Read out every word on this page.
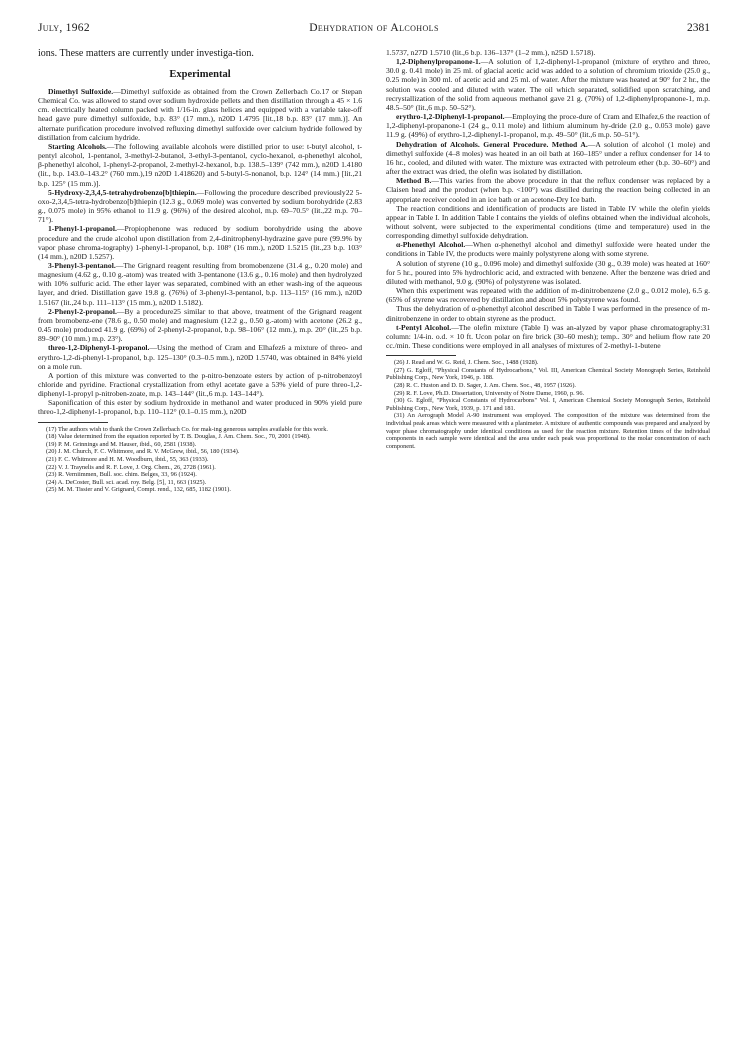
July, 1962	Dehydration of Alcohols	2381

ions. These matters are currently under investiga-tion.

Experimental

Dimethyl Sulfoxide.—Dimethyl sulfoxide as obtained from the Crown Zellerbach Co.17 or Stepan Chemical Co. was allowed to stand over sodium hydroxide pellets and then distillation through a 45 × 1.6 cm. electrically heated column packed with 1/16-in. glass helices and equipped with a variable take-off head gave pure dimethyl sulfoxide, b.p. 83° (17 mm.), n20D 1.4795 [lit.,18 b.p. 83° (17 mm.)]. An alternate purification procedure involved refluxing dimethyl sulfoxide over calcium hydride followed by distillation from calcium hydride.

Starting Alcohols.—The following available alcohols were distilled prior to use: t-butyl alcohol, t-pentyl alcohol, 1-pentanol, 3-methyl-2-butanol, 3-ethyl-3-pentanol, cyclo-hexanol, α-phenethyl alcohol, β-phenethyl alcohol, 1-phenyl-2-propanol, 2-methyl-2-hexanol, b.p. 138.5–139° (742 mm.), n20D 1.4180 (lit., b.p. 143.0–143.2° (760 mm.),19 n20D 1.418620) and 5-butyl-5-nonanol, b.p. 124° (14 mm.) [lit.,21 b.p. 125° (15 mm.)].

5-Hydroxy-2,3,4,5-tetrahydrobenzo[b]thiepin.—Following the procedure described previously22 5-oxo-2,3,4,5-tetra-hydrobenzo[b]thiepin (12.3 g., 0.069 mole) was converted by sodium borohydride (2.83 g., 0.075 mole) in 95% ethanol to 11.9 g. (96%) of the desired alcohol, m.p. 69–70.5° (lit.,22 m.p. 70–71°).

1-Phenyl-1-propanol.—Propiophenone was reduced by sodium borohydride using the above procedure and the crude alcohol upon distillation from 2,4-dinitrophenyl-hydrazine gave pure (99.9% by vapor phase chroma-tography) 1-phenyl-1-propanol, b.p. 108° (16 mm.), n20D 1.5215 (lit.,23 b.p. 103°(14 mm.), n20D 1.5257).

3-Phenyl-3-pentanol.—The Grignard reagent resulting from bromobenzene (31.4 g., 0.20 mole) and magnesium (4.62 g., 0.10 g.-atom) was treated with 3-pentanone (13.6 g., 0.16 mole) and then hydrolyzed with 10% sulfuric acid. The ether layer was separated, combined with an ether wash-ing of the aqueous layer, and dried. Distillation gave 19.8 g. (76%) of 3-phenyl-3-pentanol, b.p. 113–115° (16 mm.), n20D 1.5167 (lit.,24 b.p. 111–113° (15 mm.), n20D 1.5182).

2-Phenyl-2-propanol.—By a procedure25 similar to that above, treatment of the Grignard reagent from bromobenz-ene (78.6 g., 0.50 mole) and magnesium (12.2 g., 0.50 g.-atom) with acetone (26.2 g., 0.45 mole) produced 41.9 g. (69%) of 2-phenyl-2-propanol, b.p. 98–106° (12 mm.), m.p. 20° (lit.,25 b.p. 89–90° (10 mm.) m.p. 23°).

threo-1,2-Diphenyl-1-propanol.—Using the method of Cram and Elhafez6 a mixture of threo- and erythro-1,2-di-phenyl-1-propanol, b.p. 125–130° (0.3–0.5 mm.), n20D 1.5740, was obtained in 84% yield on a mole run.

A portion of this mixture was converted to the p-nitro-benzoate esters by action of p-nitrobenzoyl chloride and pyridine. Fractional crystallization from ethyl acetate gave a 53% yield of pure threo-1,2-diphenyl-1-propyl p-nitroben-zoate, m.p. 143–144° (lit.,6 m.p. 143–144°).

Saponification of this ester by sodium hydroxide in methanol and water produced in 90% yield pure threo-1,2-diphenyl-1-propanol, b.p. 110–112° (0.1–0.15 mm.), n20D

(17) The authors wish to thank the Crown Zellerbach Co. for mak-ing generous samples available for this work.

(18) Value determined from the equation reported by T. B. Douglas, J. Am. Chem. Soc., 70, 2001 (1948).

(19) P. M. Grinnings and M. Hauser, ibid., 60, 2581 (1938).

(20) J. M. Church, F. C. Whitmore, and R. V. McGrew, ibid., 56, 180 (1934).

(21) F. C. Whitmore and H. M. Woodburn, ibid., 55, 363 (1933).

(22) V. J. Traynelis and R. F. Love, J. Org. Chem., 26, 2728 (1961).

(23) R. Verniimmen, Bull. soc. chim. Belges, 33, 96 (1924).

(24) A. DeCoster, Bull. sci. acad. roy. Belg. [5], 11, 663 (1925).

(25) M. M. Tissier and V. Grignard, Compt. rend., 132, 685, 1182 (1901).

1.5737, n27D 1.5710 (lit.,6 b.p. 136–137° (1–2 mm.), n25D 1.5718).

1,2-Diphenylpropanone-1.—A solution of 1,2-diphenyl-1-propanol (mixture of erythro and threo, 30.0 g. 0.41 mole) in 25 ml. of glacial acetic acid was added to a solution of chromium trioxide (25.0 g., 0.25 mole) in 300 ml. of acetic acid and 25 ml. of water. After the mixture was heated at 90° for 2 hr., the solution was cooled and diluted with water. The oil which separated, solidified upon scratching, and recrystallization of the solid from aqueous methanol gave 21 g. (70%) of 1,2-diphenylpropanone-1, m.p. 48.5–50° (lit.,6 m.p. 50–52°).

erythro-1,2-Diphenyl-1-propanol.—Employing the proce-dure of Cram and Elhafez,6 the reaction of 1,2-diphenyl-propanone-1 (24 g., 0.11 mole) and lithium aluminum hy-dride (2.0 g., 0.053 mole) gave 11.9 g. (49%) of erythro-1,2-diphenyl-1-propanol, m.p. 49–50° (lit.,6 m.p. 50–51°).

Dehydration of Alcohols. General Procedure. Method A.—A solution of alcohol (1 mole) and dimethyl sulfoxide (4–8 moles) was heated in an oil bath at 160–185° under a reflux condenser for 14 to 16 hr., cooled, and diluted with water. The mixture was extracted with petroleum ether (b.p. 30–60°) and after the extract was dried, the olefin was isolated by distillation.

Method B.—This varies from the above procedure in that the reflux condenser was replaced by a Claisen head and the product (when b.p. <100°) was distilled during the reaction being collected in an appropriate receiver cooled in an ice bath or an acetone-Dry Ice bath.

The reaction conditions and identification of products are listed in Table IV while the olefin yields appear in Table I. In addition Table I contains the yields of olefins obtained when the individual alcohols, without solvent, were subjected to the experimental conditions (time and temperature) used in the corresponding dimethyl sulfoxide dehydration.

α-Phenethyl Alcohol.—When α-phenethyl alcohol and dimethyl sulfoxide were heated under the conditions in Table IV, the products were mainly polystyrene along with some styrene.

A solution of styrene (10 g., 0.096 mole) and dimethyl sulfoxide (30 g., 0.39 mole) was heated at 160° for 5 hr., poured into 5% hydrochloric acid, and extracted with benzene. After the benzene was dried and diluted with methanol, 9.0 g. (90%) of polystyrene was isolated.

When this experiment was repeated with the addition of m-dinitrobenzene (2.0 g., 0.012 mole), 6.5 g. (65% of styrene was recovered by distillation and about 5% polystyrene was found.

Thus the dehydration of α-phenethyl alcohol described in Table I was performed in the presence of m-dinitrobenzene in order to obtain styrene as the product.

t-Pentyl Alcohol.—The olefin mixture (Table I) was an-alyzed by vapor phase chromatography:31 column: 1/4-in. o.d. × 10 ft. Ucon polar on fire brick (30–60 mesh); temp.. 30° and helium flow rate 20 cc./min. These conditions were employed in all analyses of mixtures of 2-methyl-1-butene

(26) J. Read and W. G. Reid, J. Chem. Soc., 1488 (1928).

(27) G. Egloff, "Physical Constants of Hydrocarbons," Vol. III, American Chemical Society Monograph Series, Reinhold Publishing Corp., New York, 1946, p. 188.

(28) R. C. Huston and D. D. Sager, J. Am. Chem. Soc., 48, 1957 (1926).

(29) R. F. Love, Ph.D. Dissertation, University of Notre Dame, 1960, p. 96.

(30) G. Egloff, "Physical Constants of Hydrocarbons" Vol. I, American Chemical Society Monograph Series, Reinhold Publishing Corp., New York, 1939, p. 171 and 181.

(31) An Aerograph Model A-90 instrument was employed. The composition of the mixture was determined from the individual peak areas which were measured with a planimeter. A mixture of authentic compounds was prepared and analyzed by vapor phase chromatography under identical conditions as used for the reaction mixture. Retention times of the individual components in each sample were identical and the area under each peak was proportional to the molar concentration of each component.
